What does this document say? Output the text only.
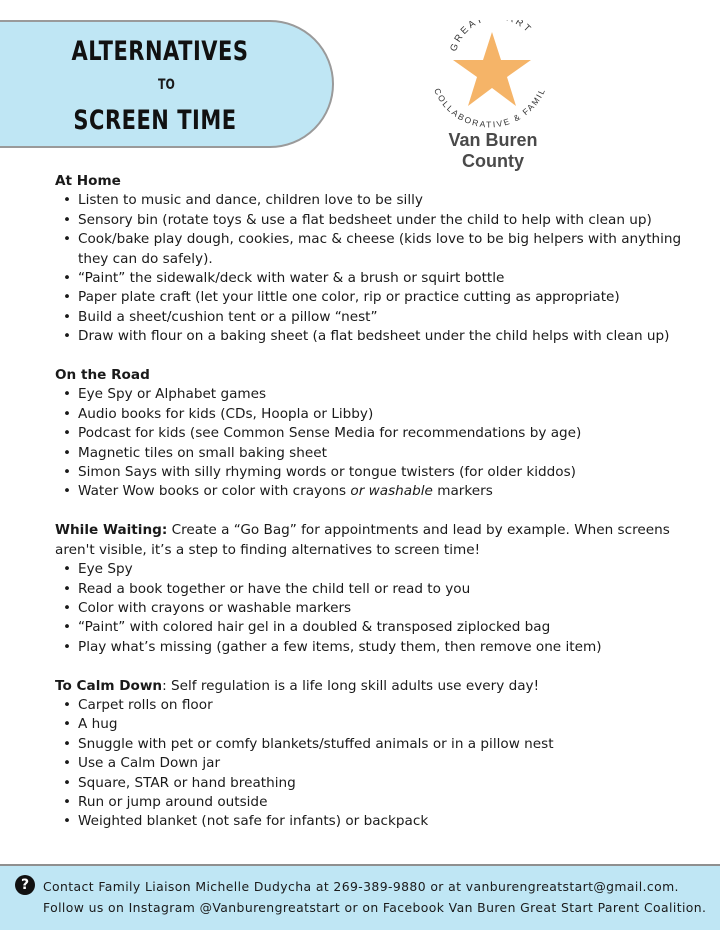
ALTERNATIVES
TO
SCREEN TIME
GREAT RT
COLLABORATIVE & FAMIL
Van Buren County
At Home
• Listen to music and dance, children love to be silly
• Sensory bin (rotate toys & use a flat bedsheet under the child to help with clean up)
• Cook/bake play dough, cookies, mac & cheese (kids love to be big helpers with anything they can do safely).
• “Paint” the sidewalk/deck with water & a brush or squirt bottle
• Paper plate craft (let your little one color, rip or practice cutting as appropriate)
• Build a sheet/cushion tent or a pillow “nest”
• Draw with flour on a baking sheet (a flat bedsheet under the child helps with clean up)
On the Road
• Eye Spy or Alphabet games
• Audio books for kids (CDs, Hoopla or Libby)
• Podcast for kids (see Common Sense Media for recommendations by age)
• Magnetic tiles on small baking sheet
• Simon Says with silly rhyming words or tongue twisters (for older kiddos)
• Water Wow books or color with crayons or washable markers
While Waiting: Create a “Go Bag” for appointments and lead by example. When screens aren't visible, it’s a step to finding alternatives to screen time!
• Eye Spy
• Read a book together or have the child tell or read to you
• Color with crayons or washable markers
• “Paint” with colored hair gel in a doubled & transposed ziplocked bag
• Play what’s missing (gather a few items, study them, then remove one item)
To Calm Down: Self regulation is a life long skill adults use every day!
• Carpet rolls on floor
• A hug
• Snuggle with pet or comfy blankets/stuffed animals or in a pillow nest
• Use a Calm Down jar
• Square, STAR or hand breathing
• Run or jump around outside
• Weighted blanket (not safe for infants) or backpack
?	Contact Family Liaison Michelle Dudycha at 269-389-9880 or at vanburengreatstart@gmail.com.
Follow us on Instagram @Vanburengreatstart or on Facebook Van Buren Great Start Parent Coalition.
